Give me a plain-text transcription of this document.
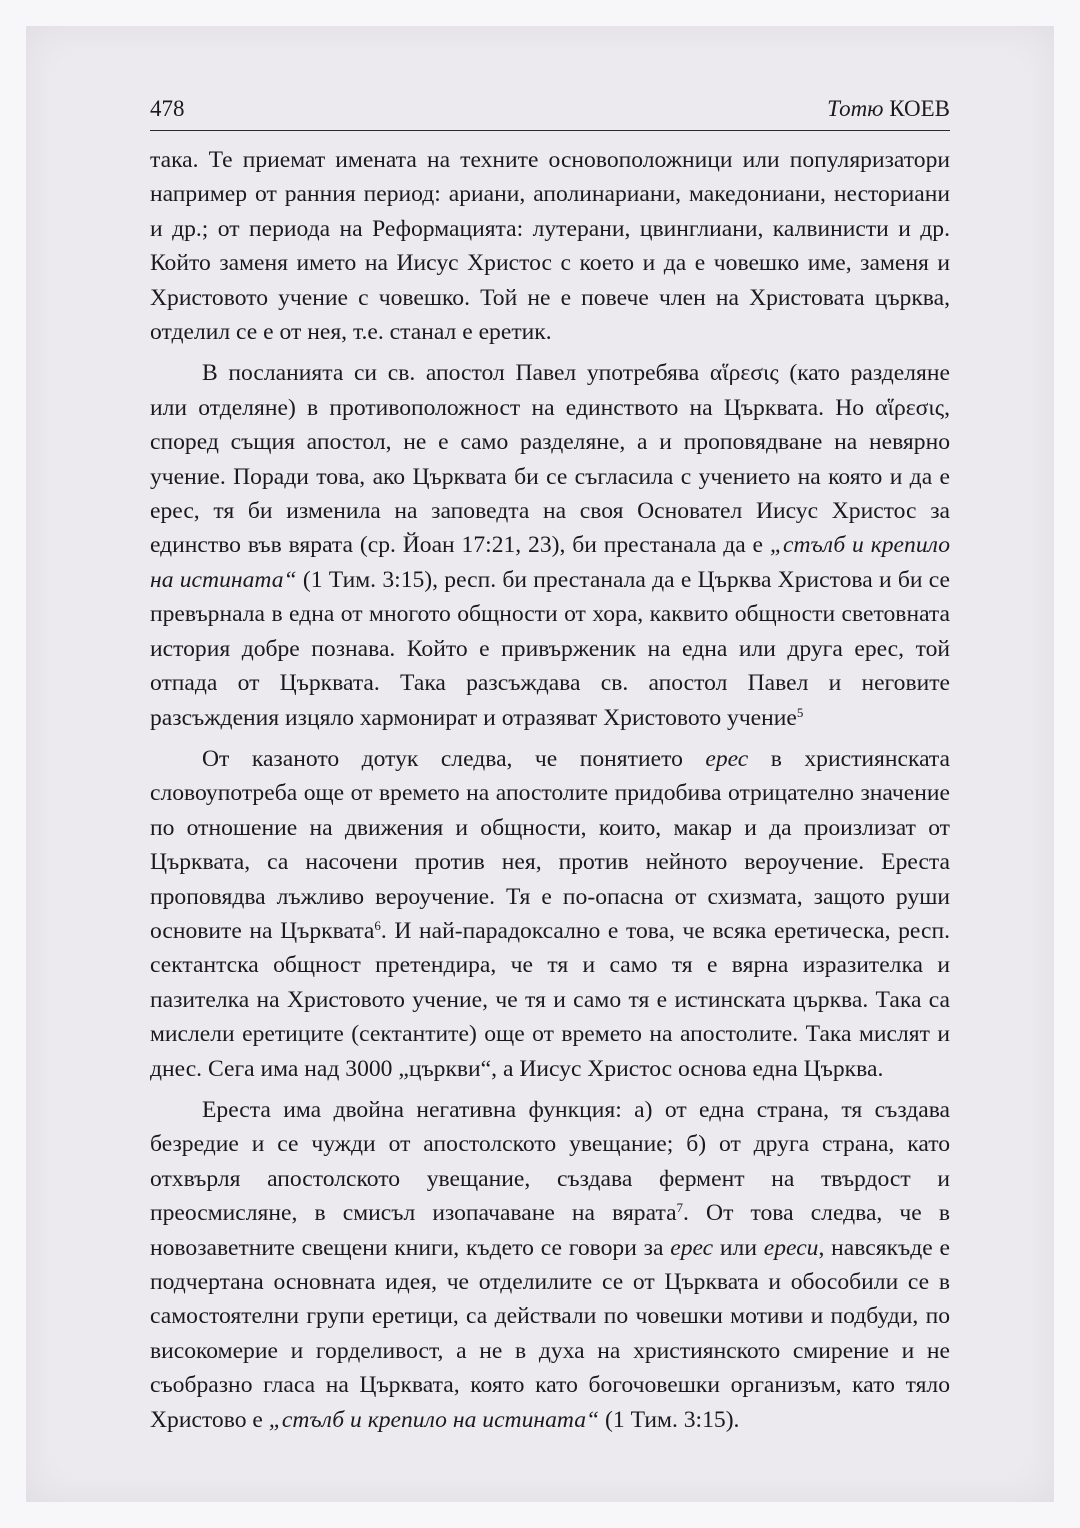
478	Тотю КОЕВ

така. Те приемат имената на техните основоположници или популяризатори например от ранния период: ариани, аполинариани, македониани, несториани и др.; от периода на Реформацията: лутерани, цвинглиани, калвинисти и др. Който заменя името на Иисус Христос с което и да е човешко име, заменя и Христовото учение с човешко. Той не е повече член на Христовата църква, отделил се е от нея, т.е. станал е еретик.

В посланията си св. апостол Павел употребява αἵρεσις (като разделяне или отделяне) в противоположност на единството на Църквата. Но αἵρεσις, според същия апостол, не е само разделяне, а и проповядване на невярно учение. Поради това, ако Църквата би се съгласила с учението на която и да е ерес, тя би изменила на заповедта на своя Основател Иисус Христос за единство във вярата (ср. Йоан 17:21, 23), би престанала да е „стълб и крепило на истината“ (1 Тим. 3:15), респ. би престанала да е Църква Христова и би се превърнала в една от многото общности от хора, каквито общности световната история добре познава. Който е привърженик на една или друга ерес, той отпада от Църквата. Така разсъждава св. апостол Павел и неговите разсъждения изцяло хармонират и отразяват Христовото учение$^5$

От казаното дотук следва, че понятието ерес в християнската словоупотреба още от времето на апостолите придобива отрицателно значение по отношение на движения и общности, които, макар и да произлизат от Църквата, са насочени против нея, против нейното вероучение. Ереста проповядва лъжливо вероучение. Тя е по-опасна от схизмата, защото руши основите на Църквата$^6$. И най-парадоксално е това, че всяка еретическа, респ. сектантска общност претендира, че тя и само тя е вярна изразителка и пазителка на Христовото учение, че тя и само тя е истинската църква. Така са мислели еретиците (сектантите) още от времето на апостолите. Така мислят и днес. Сега има над 3000 „църкви“, а Иисус Христос основа една Църква.

Ереста има двойна негативна функция: а) от една страна, тя създава безредие и се чужди от апостолското увещание; б) от друга страна, като отхвърля апостолското увещание, създава фермент на твърдост и преосмисляне, в смисъл изопачаване на вярата$^7$. От това следва, че в новозаветните свещени книги, където се говори за ерес или ереси, навсякъде е подчертана основната идея, че отделилите се от Църквата и обособили се в самостоятелни групи еретици, са действали по човешки мотиви и подбуди, по високомерие и горделивост, а не в духа на християнското смирение и не съобразно гласа на Църквата, която като богочовешки организъм, като тяло Христово е „стълб и крепило на истината“ (1 Тим. 3:15).
